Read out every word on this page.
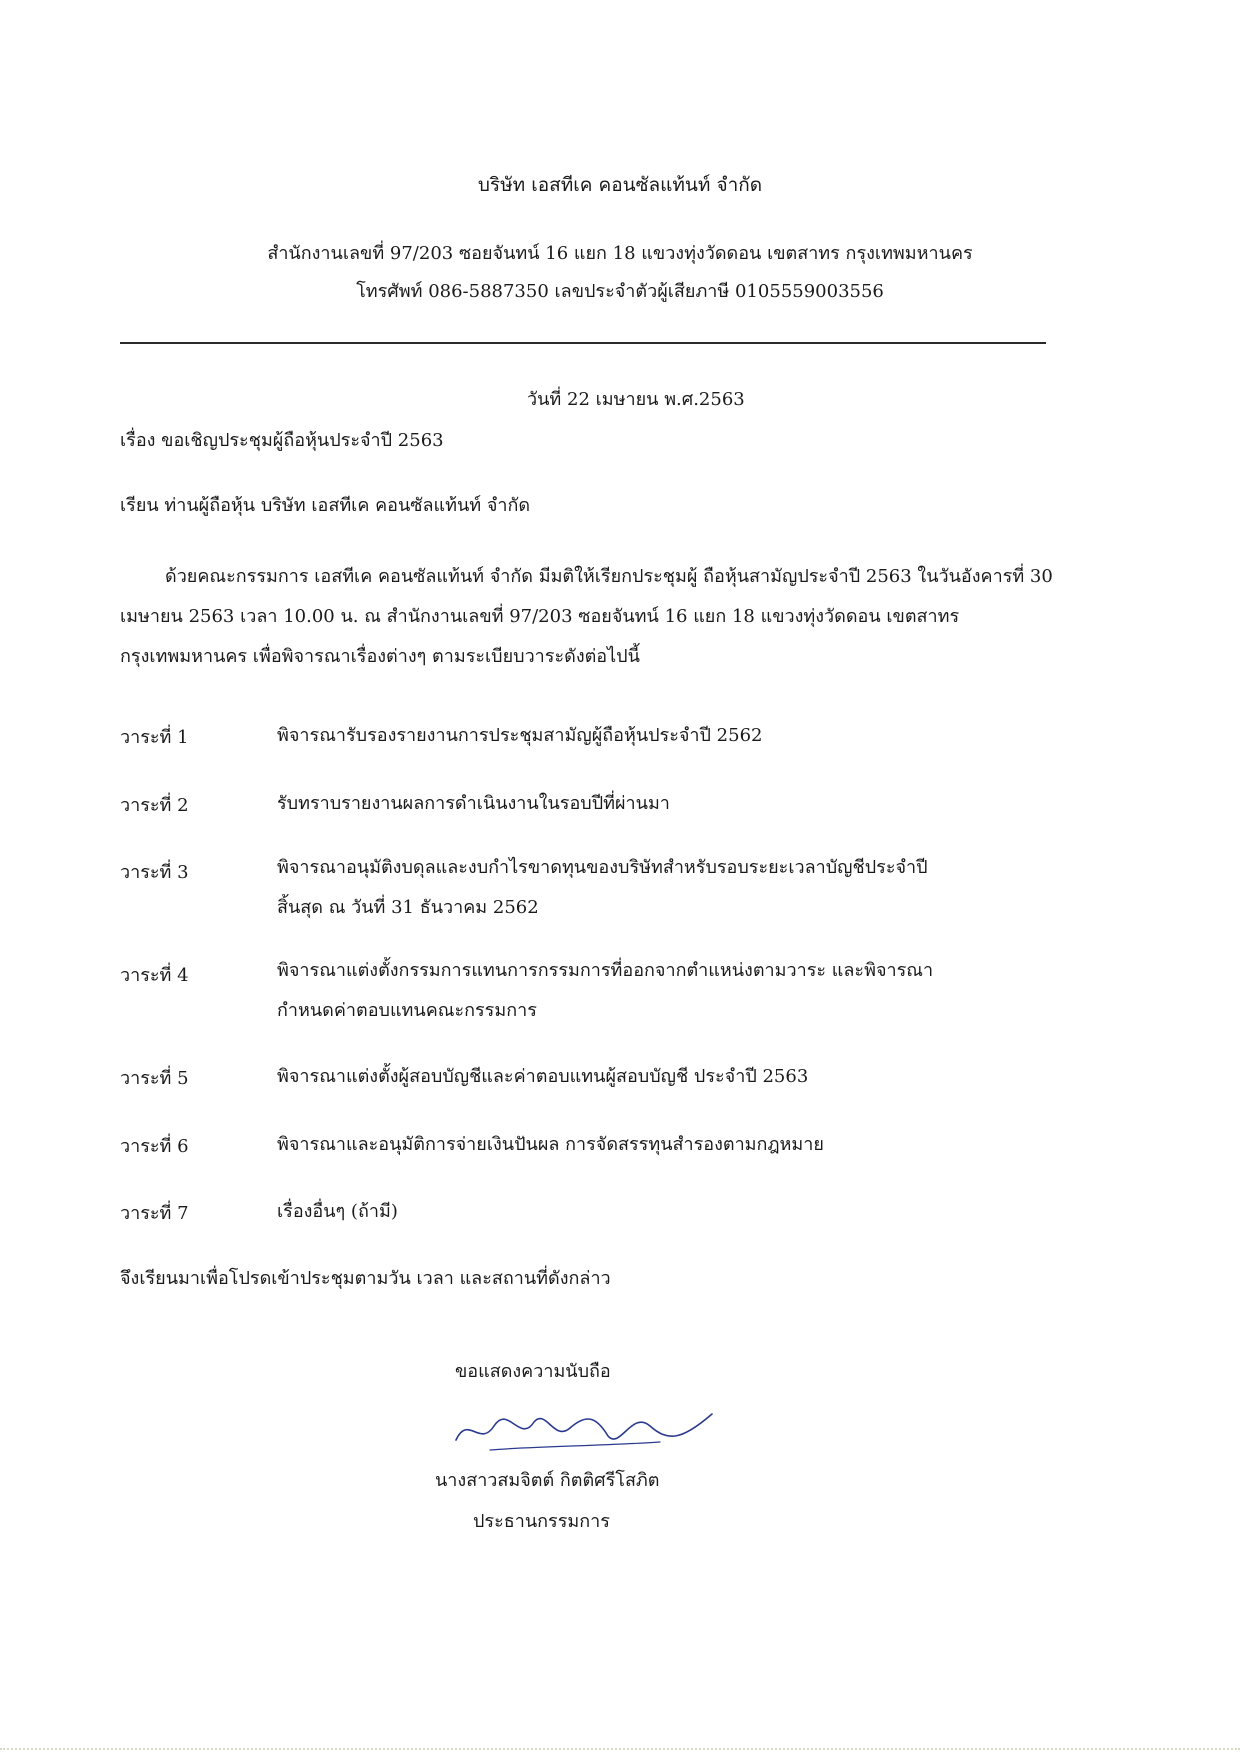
บริษัท เอสทีเค คอนซัลแท้นท์ จำกัด
สำนักงานเลขที่ 97/203 ซอยจันทน์ 16 แยก 18 แขวงทุ่งวัดดอน เขตสาทร กรุงเทพมหานคร
โทรศัพท์ 086-5887350 เลขประจำตัวผู้เสียภาษี 0105559003556
วันที่ 22 เมษายน พ.ศ.2563
เรื่อง ขอเชิญประชุมผู้ถือหุ้นประจำปี 2563
เรียน ท่านผู้ถือหุ้น บริษัท เอสทีเค คอนซัลแท้นท์ จำกัด
ด้วยคณะกรรมการ เอสทีเค คอนซัลแท้นท์ จำกัด มีมติให้เรียกประชุมผู้ ถือหุ้นสามัญประจำปี 2563 ในวันอังคารที่ 30
เมษายน 2563 เวลา 10.00 น. ณ สำนักงานเลขที่ 97/203 ซอยจันทน์ 16 แยก 18 แขวงทุ่งวัดดอน เขตสาทร
กรุงเทพมหานคร เพื่อพิจารณาเรื่องต่างๆ ตามระเบียบวาระดังต่อไปนี้
วาระที่ 1	พิจารณารับรองรายงานการประชุมสามัญผู้ถือหุ้นประจำปี 2562
วาระที่ 2	รับทราบรายงานผลการดำเนินงานในรอบปีที่ผ่านมา
วาระที่ 3	พิจารณาอนุมัติงบดุลและงบกำไรขาดทุนของบริษัทสำหรับรอบระยะเวลาบัญชีประจำปี
สิ้นสุด ณ วันที่ 31 ธันวาคม 2562
วาระที่ 4	พิจารณาแต่งตั้งกรรมการแทนการกรรมการที่ออกจากตำแหน่งตามวาระ และพิจารณา
กำหนดค่าตอบแทนคณะกรรมการ
วาระที่ 5	พิจารณาแต่งตั้งผู้สอบบัญชีและค่าตอบแทนผู้สอบบัญชี ประจำปี 2563
วาระที่ 6	พิจารณาและอนุมัติการจ่ายเงินปันผล การจัดสรรทุนสำรองตามกฎหมาย
วาระที่ 7	เรื่องอื่นๆ (ถ้ามี)
จึงเรียนมาเพื่อโปรดเข้าประชุมตามวัน เวลา และสถานที่ดังกล่าว
ขอแสดงความนับถือ
นางสาวสมจิตต์ กิตติศรีโสภิต
ประธานกรรมการ
